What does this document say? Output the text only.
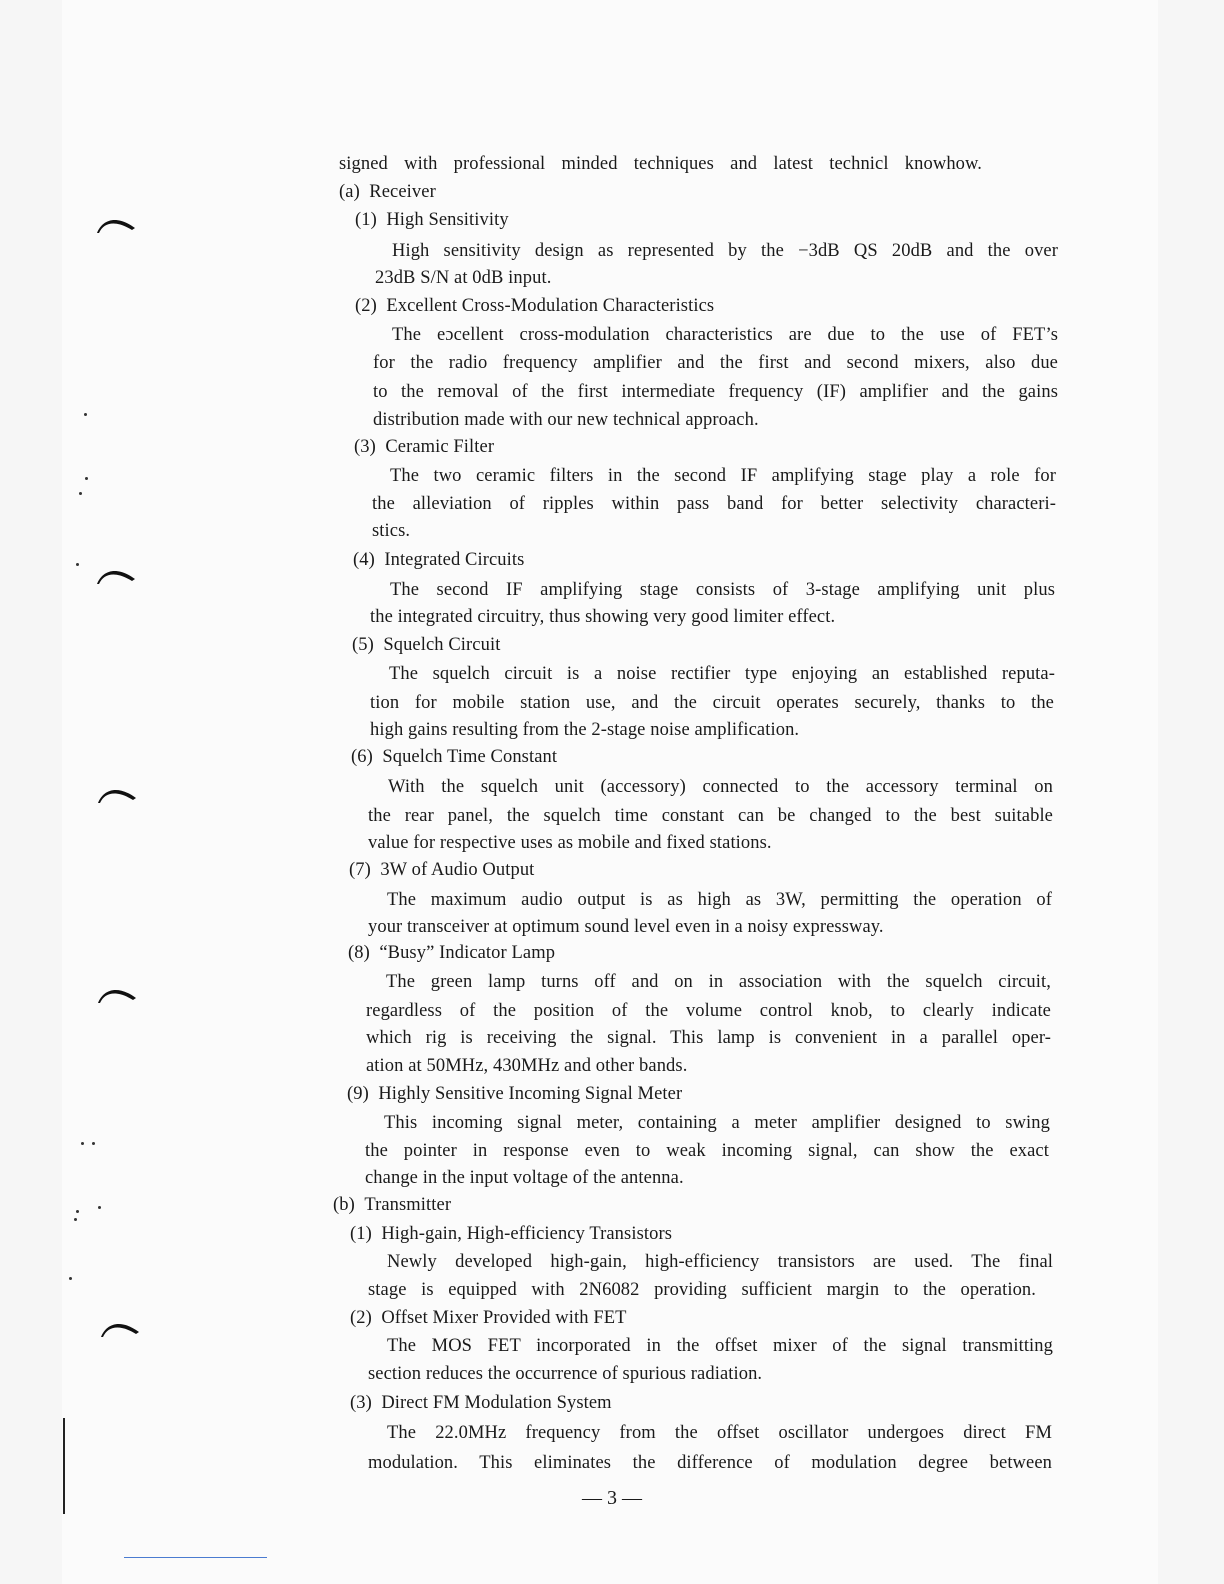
signed with professional minded techniques and latest technicl knowhow.
(a) Receiver
(1) High Sensitivity
High sensitivity design as represented by the −3dB QS 20dB and the over
23dB S/N at 0dB input.
(2) Excellent Cross-Modulation Characteristics
The eɔcellent cross-modulation characteristics are due to the use of FET’s
for the radio frequency amplifier and the first and second mixers, also due
to the removal of the first intermediate frequency (IF) amplifier and the gains
distribution made with our new technical approach.
(3) Ceramic Filter
The two ceramic filters in the second IF amplifying stage play a role for
the alleviation of ripples within pass band for better selectivity characteri-
stics.
(4) Integrated Circuits
The second IF amplifying stage consists of 3-stage amplifying unit plus
the integrated circuitry, thus showing very good limiter effect.
(5) Squelch Circuit
The squelch circuit is a noise rectifier type enjoying an established reputa-
tion for mobile station use, and the circuit operates securely, thanks to the
high gains resulting from the 2-stage noise amplification.
(6) Squelch Time Constant
With the squelch unit (accessory) connected to the accessory terminal on
the rear panel, the squelch time constant can be changed to the best suitable
value for respective uses as mobile and fixed stations.
(7) 3W of Audio Output
The maximum audio output is as high as 3W, permitting the operation of
your transceiver at optimum sound level even in a noisy expressway.
(8) “Busy” Indicator Lamp
The green lamp turns off and on in association with the squelch circuit,
regardless of the position of the volume control knob, to clearly indicate
which rig is receiving the signal. This lamp is convenient in a parallel oper-
ation at 50MHz, 430MHz and other bands.
(9) Highly Sensitive Incoming Signal Meter
This incoming signal meter, containing a meter amplifier designed to swing
the pointer in response even to weak incoming signal, can show the exact
change in the input voltage of the antenna.
(b) Transmitter
(1) High-gain, High-efficiency Transistors
Newly developed high-gain, high-efficiency transistors are used. The final
stage is equipped with 2N6082 providing sufficient margin to the operation.
(2) Offset Mixer Provided with FET
The MOS FET incorporated in the offset mixer of the signal transmitting
section reduces the occurrence of spurious radiation.
(3) Direct FM Modulation System
The 22.0MHz frequency from the offset oscillator undergoes direct FM
modulation. This eliminates the difference of modulation degree between
— 3 —
